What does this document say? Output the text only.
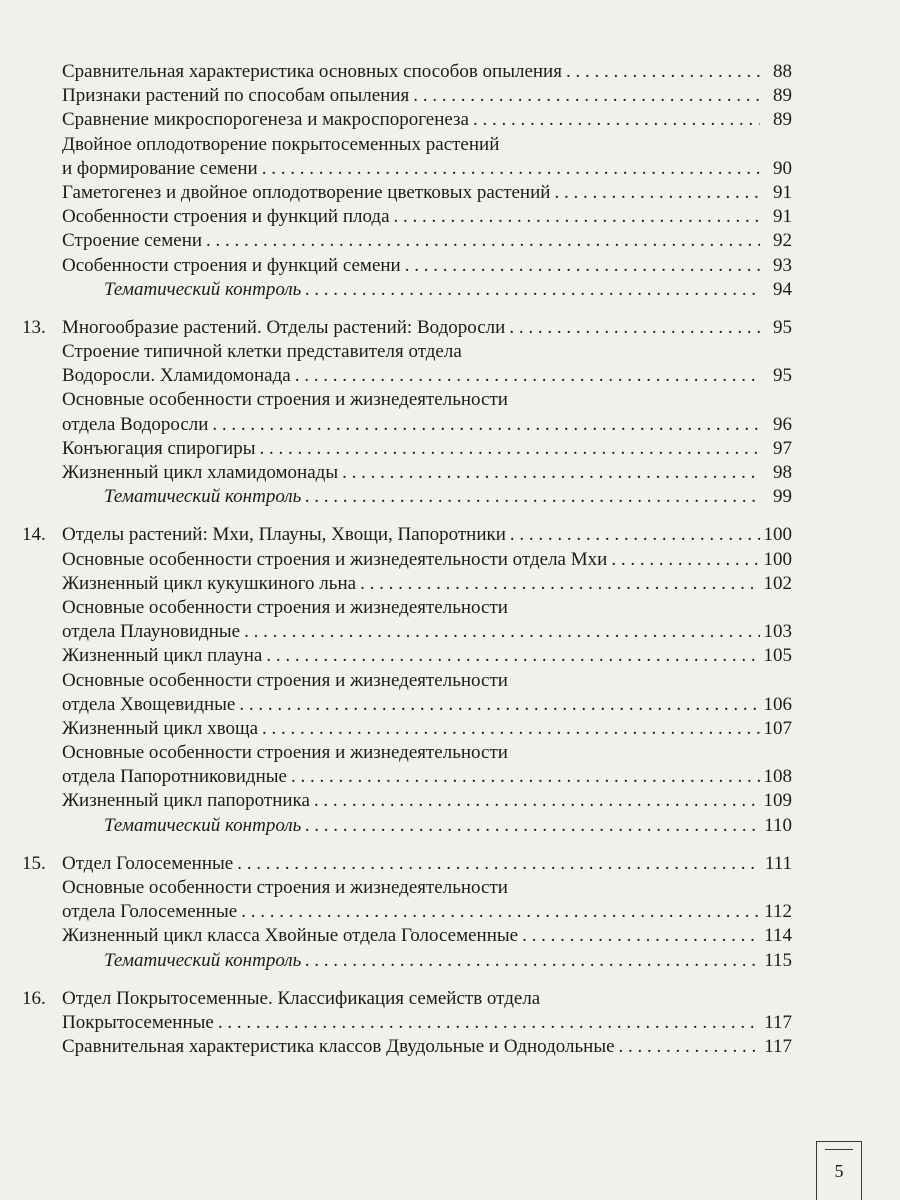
Сравнительная характеристика основных способов опыления . . .	88
Признаки растений по способам опыления . . .	89
Сравнение микроспорогенеза и макроспорогенеза . . .	89
Двойное оплодотворение покрытосеменных растений
и формирование семени . . .	90
Гаметогенез и двойное оплодотворение цветковых растений . . .	91
Особенности строения и функций плода . . .	91
Строение семени . . .	92
Особенности строения и функций семени . . .	93
Тематический контроль . . .	94
13. Многообразие растений. Отделы растений: Водоросли . . .	95
Строение типичной клетки представителя отдела
Водоросли. Хламидомонада . . .	95
Основные особенности строения и жизнедеятельности
отдела Водоросли . . .	96
Конъюгация спирогиры . . .	97
Жизненный цикл хламидомонады . . .	98
Тематический контроль . . .	99
14. Отделы растений: Мхи, Плауны, Хвощи, Папоротники . . .	100
Основные особенности строения и жизнедеятельности отдела Мхи . . .	100
Жизненный цикл кукушкиного льна . . .	102
Основные особенности строения и жизнедеятельности
отдела Плауновидные . . .	103
Жизненный цикл плауна . . .	105
Основные особенности строения и жизнедеятельности
отдела Хвощевидные . . .	106
Жизненный цикл хвоща . . .	107
Основные особенности строения и жизнедеятельности
отдела Папоротниковидные . . .	108
Жизненный цикл папоротника . . .	109
Тематический контроль . . .	110
15. Отдел Голосеменные . . .	111
Основные особенности строения и жизнедеятельности
отдела Голосеменные . . .	112
Жизненный цикл класса Хвойные отдела Голосеменные . . .	114
Тематический контроль . . .	115
16. Отдел Покрытосеменные. Классификация семейств отдела
Покрытосеменные . . .	117
Сравнительная характеристика классов Двудольные и Однодольные . . .	117
5
